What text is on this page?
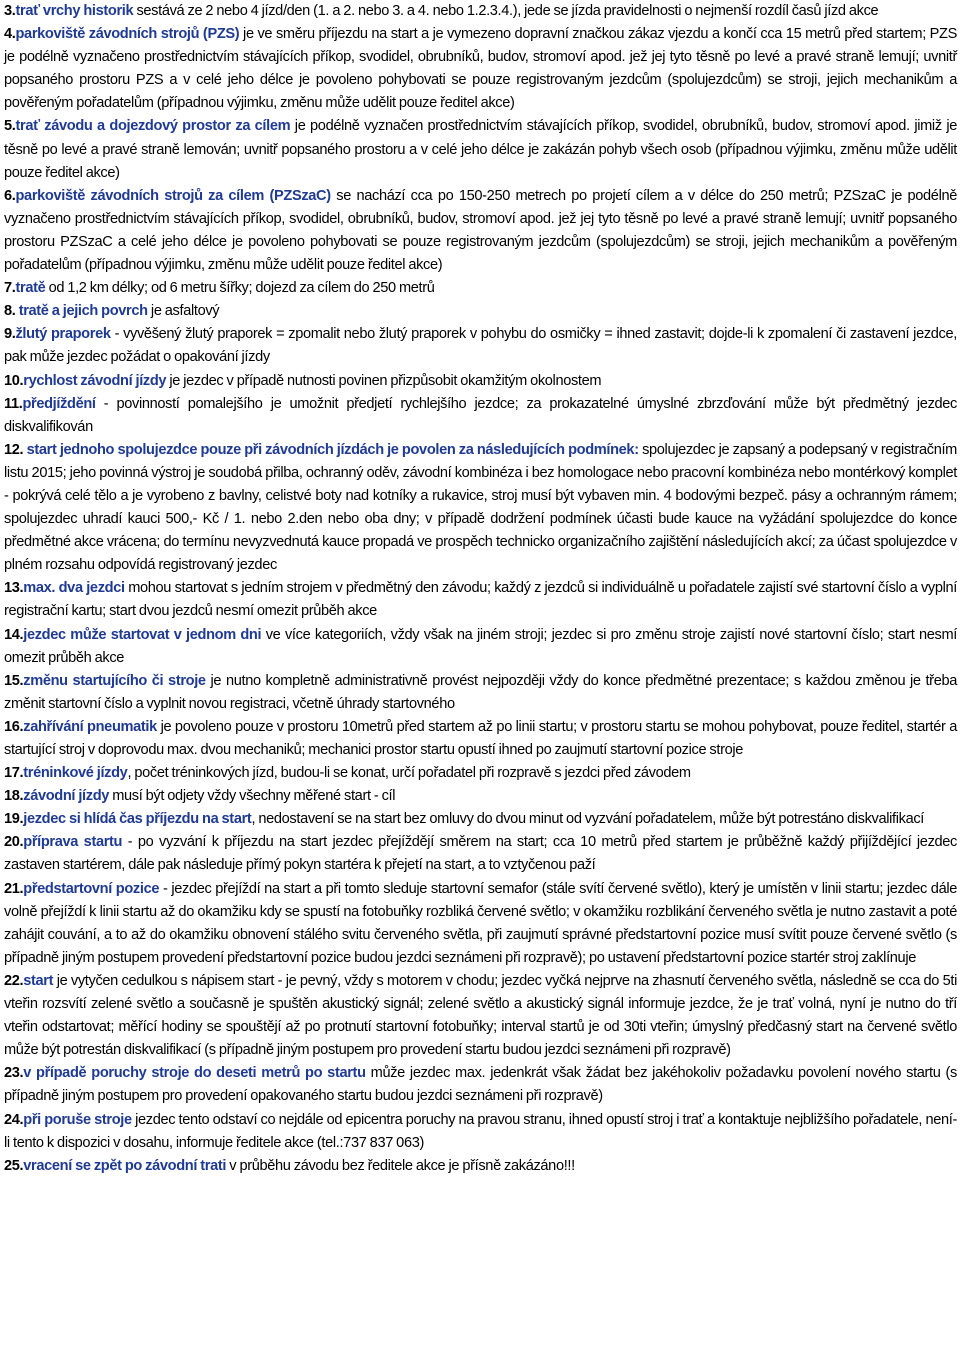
3.trať vrchy historik sestává ze 2 nebo 4 jízd/den (1. a 2. nebo 3. a 4. nebo 1.2.3.4.), jede se jízda pravidelnosti o nejmenší rozdíl časů jízd akce

4.parkoviště závodních strojů (PZS) je ve směru příjezdu na start a je vymezeno dopravní značkou zákaz vjezdu a končí cca 15 metrů před startem; PZS je podélně vyznačeno prostřednictvím stávajících příkop, svodidel, obrubníků, budov, stromoví apod. jež jej tyto těsně po levé a pravé straně lemují; uvnitř popsaného prostoru PZS a v celé jeho délce je povoleno pohybovati se pouze registrovaným jezdcům (spolujezdcům) se stroji, jejich mechanikům a pověřeným pořadatelům (případnou výjimku, změnu může udělit pouze ředitel akce)

5.trať závodu a dojezdový prostor za cílem je podélně vyznačen prostřednictvím stávajících příkop, svodidel, obrubníků, budov, stromoví apod. jimiž je těsně po levé a pravé straně lemován; uvnitř popsaného prostoru a v celé jeho délce je zakázán pohyb všech osob (případnou výjimku, změnu může udělit pouze ředitel akce)

6.parkoviště závodních strojů za cílem (PZSzaC) se nachází cca po 150-250 metrech po projetí cílem a v délce do 250 metrů; PZSzaC je podélně vyznačeno prostřednictvím stávajících příkop, svodidel, obrubníků, budov, stromoví apod. jež jej tyto těsně po levé a pravé straně lemují; uvnitř popsaného prostoru PZSzaC a celé jeho délce je povoleno pohybovati se pouze registrovaným jezdcům (spolujezdcům) se stroji, jejich mechanikům a pověřeným pořadatelům (případnou výjimku, změnu může udělit pouze ředitel akce)

7.tratě od 1,2 km délky; od 6 metru šířky; dojezd za cílem do 250 metrů

8. tratě a jejich povrch je asfaltový

9.žlutý praporek - vyvěšený žlutý praporek = zpomalit nebo žlutý praporek v pohybu do osmičky = ihned zastavit; dojde-li k zpomalení či zastavení jezdce, pak může jezdec požádat o opakování jízdy

10.rychlost závodní jízdy je jezdec v případě nutnosti povinen přizpůsobit okamžitým okolnostem

11.předjíždění - povinností pomalejšího je umožnit předjetí rychlejšího jezdce; za prokazatelné úmyslné zbrzďování může být předmětný jezdec diskvalifikován

12. start jednoho spolujezdce pouze při závodních jízdách je povolen za následujících podmínek: spolujezdec je zapsaný a podepsaný v registračním listu 2015; jeho povinná výstroj je soudobá přilba, ochranný oděv, závodní kombinéza i bez homologace nebo pracovní kombinéza nebo montérkový komplet - pokrývá celé tělo a je vyrobeno z bavlny, celistvé boty nad kotníky a rukavice, stroj musí být vybaven min. 4 bodovými bezpeč. pásy a ochranným rámem; spolujezdec uhradí kauci 500,- Kč / 1. nebo 2.den nebo oba dny; v případě dodržení podmínek účasti bude kauce na vyžádání spolujezdce do konce předmětné akce vrácena; do termínu nevyzvednutá kauce propadá ve prospěch technicko organizačního zajištění následujících akcí; za účast spolujezdce v plném rozsahu odpovídá registrovaný jezdec

13.max. dva jezdci mohou startovat s jedním strojem v předmětný den závodu; každý z jezdců si individuálně u pořadatele zajistí své startovní číslo a vyplní registrační kartu; start dvou jezdců nesmí omezit průběh akce

14.jezdec může startovat v jednom dni ve více kategoriích, vždy však na jiném stroji; jezdec si pro změnu stroje zajistí nové startovní číslo; start nesmí omezit průběh akce

15.změnu startujícího či stroje je nutno kompletně administrativně provést nejpozději vždy do konce předmětné prezentace; s každou změnou je třeba změnit startovní číslo a vyplnit novou registraci, včetně úhrady startovného

16.zahřívání pneumatik je povoleno pouze v prostoru 10metrů před startem až po linii startu; v prostoru startu se mohou pohybovat, pouze ředitel, startér a startující stroj v doprovodu max. dvou mechaniků; mechanici prostor startu opustí ihned po zaujmutí startovní pozice stroje

17.tréninkové jízdy, počet tréninkových jízd, budou-li se konat, určí pořadatel při rozpravě s jezdci před závodem

18.závodní jízdy musí být odjety vždy všechny měřené start - cíl

19.jezdec si hlídá čas příjezdu na start, nedostavení se na start bez omluvy do dvou minut od vyzvání pořadatelem, může být potrestáno diskvalifikací

20.příprava startu - po vyzvání k příjezdu na start jezdec přejíždějí směrem na start; cca 10 metrů před startem je průběžně každý přijíždějící jezdec zastaven startérem, dále pak následuje přímý pokyn startéra k přejetí na start, a to vztyčenou paží

21.předstartovní pozice - jezdec přejíždí na start a při tomto sleduje startovní semafor (stále svítí červené světlo), který je umístěn v linii startu; jezdec dále volně přejíždí k linii startu až do okamžiku kdy se spustí na fotobuňky rozbliká červené světlo; v okamžiku rozblikání červeného světla je nutno zastavit a poté zahájit couvání, a to až do okamžiku obnovení stálého svitu červeného světla, při zaujmutí správné předstartovní pozice musí svítit pouze červené světlo (s případně jiným postupem provedení předstartovní pozice budou jezdci seznámeni při rozpravě); po ustavení předstartovní pozice startér stroj zaklínuje

22.start je vytyčen cedulkou s nápisem start - je pevný, vždy s motorem v chodu; jezdec vyčká nejprve na zhasnutí červeného světla, následně se cca do 5ti vteřin rozsvítí zelené světlo a současně je spuštěn akustický signál; zelené světlo a akustický signál informuje jezdce, že je trať volná, nyní je nutno do tří vteřin odstartovat; měřící hodiny se spouštějí až po protnutí startovní fotobuňky; interval startů je od 30ti vteřin; úmyslný předčasný start na červené světlo může být potrestán diskvalifikací (s případně jiným postupem pro provedení startu budou jezdci seznámeni při rozpravě)

23.v případě poruchy stroje do deseti metrů po startu může jezdec max. jedenkrát však žádat bez jakéhokoliv požadavku povolení nového startu (s případně jiným postupem pro provedení opakovaného startu budou jezdci seznámeni při rozpravě)

24.při poruše stroje jezdec tento odstaví co nejdále od epicentra poruchy na pravou stranu, ihned opustí stroj i trať a kontaktuje nejbližšího pořadatele, není-li tento k dispozici v dosahu, informuje ředitele akce (tel.:737 837 063)

25.vracení se zpět po závodní trati v průběhu závodu bez ředitele akce je přísně zakázáno!!!
